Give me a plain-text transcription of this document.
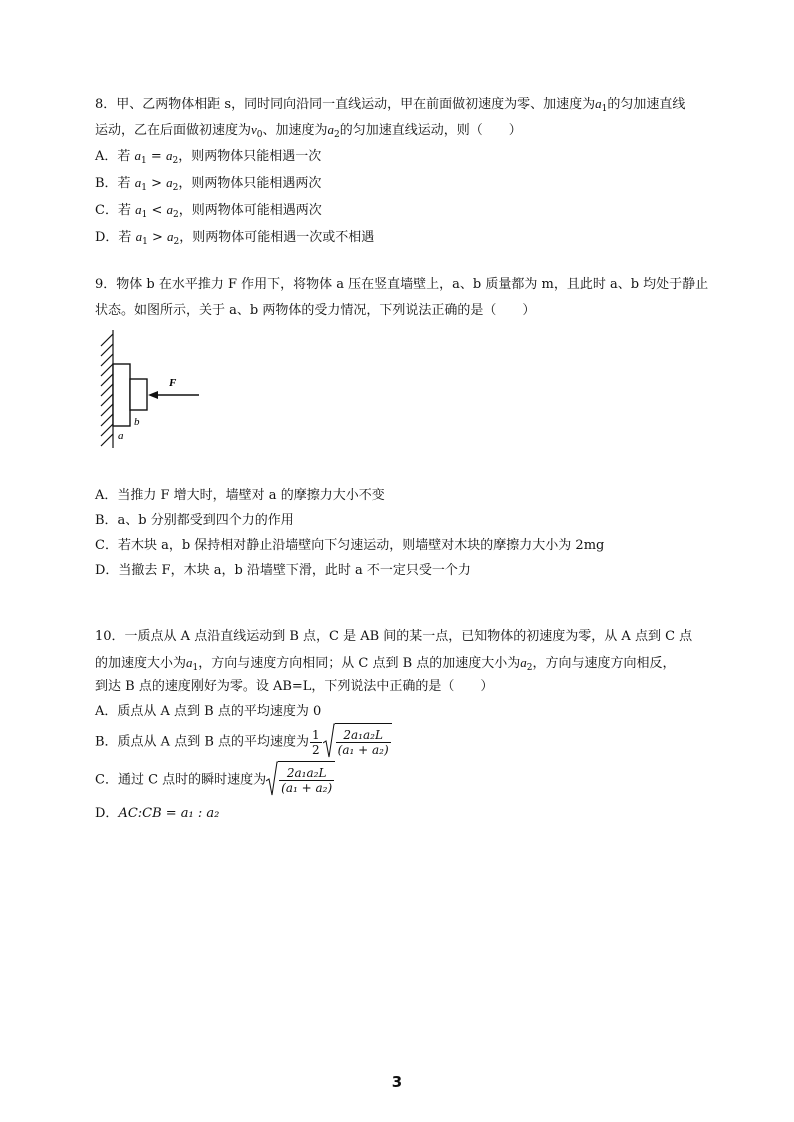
8．甲、乙两物体相距 s，同时同向沿同一直线运动，甲在前面做初速度为零、加速度为$a_1$的匀加速直线
运动，乙在后面做初速度为$v_0$、加速度为$a_2$的匀加速直线运动，则（　　）
A．若 $a_1 = a_2$，则两物体只能相遇一次
B．若 $a_1 > a_2$，则两物体只能相遇两次
C．若 $a_1 < a_2$，则两物体可能相遇两次
D．若 $a_1 > a_2$，则两物体可能相遇一次或不相遇
9．物体 b 在水平推力 F 作用下，将物体 a 压在竖直墙壁上，a、b 质量都为 m，且此时 a、b 均处于静止
状态。如图所示，关于 a、b 两物体的受力情况，下列说法正确的是（　　）
F
b
a
A．当推力 F 增大时，墙壁对 a 的摩擦力大小不变
B．a、b 分别都受到四个力的作用
C．若木块 a，b 保持相对静止沿墙壁向下匀速运动，则墙壁对木块的摩擦力大小为 2mg
D．当撤去 F，木块 a，b 沿墙壁下滑，此时 a 不一定只受一个力
10．一质点从 A 点沿直线运动到 B 点，C 是 AB 间的某一点，已知物体的初速度为零，从 A 点到 C 点
的加速度大小为$a_1$，方向与速度方向相同；从 C 点到 B 点的加速度大小为$a_2$，方向与速度方向相反，
到达 B 点的速度刚好为零。设 AB=L，下列说法中正确的是（　　）
A．质点从 A 点到 B 点的平均速度为 0
B．质点从 A 点到 B 点的平均速度为 $\frac{1}{2} \frac{\text{2a₁a₂L}}{\text{(a₁ + a₂)}}$
C．通过 C 点时的瞬时速度为 $\frac{\text{2a₁a₂L}}{\text{(a₁ + a₂)}}$
D．AC:CB = a₁ : a₂
3
